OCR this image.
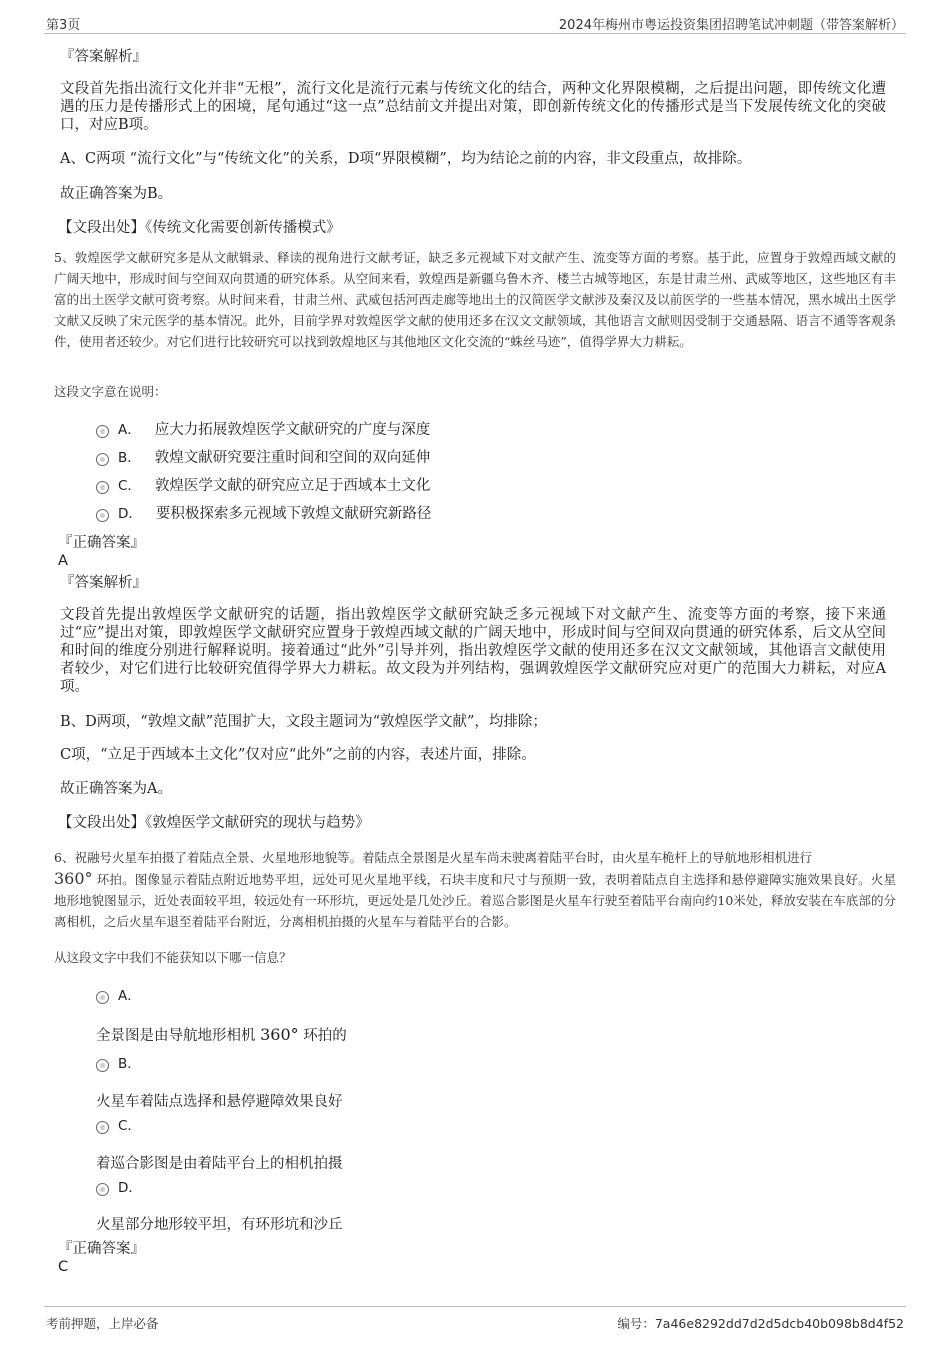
第3页	2024年梅州市粤运投资集团招聘笔试冲刺题（带答案解析）
『答案解析』
文段首先指出流行文化并非“无根”，流行文化是流行元素与传统文化的结合，两种文化界限模糊，之后提出问题，即传统文化遭遇的压力是传播形式上的困境，尾句通过“这一点”总结前文并提出对策，即创新传统文化的传播形式是当下发展传统文化的突破口，对应B项。
A、C两项 “流行文化”与“传统文化”的关系，D项“界限模糊”，均为结论之前的内容，非文段重点，故排除。
故正确答案为B。
【文段出处】《传统文化需要创新传播模式》
5、敦煌医学文献研究多是从文献辑录、释读的视角进行文献考证，缺乏多元视域下对文献产生、流变等方面的考察。基于此，应置身于敦煌西域文献的广阔天地中，形成时间与空间双向贯通的研究体系。从空间来看，敦煌西是新疆乌鲁木齐、楼兰古城等地区，东是甘肃兰州、武威等地区，这些地区有丰富的出土医学文献可资考察。从时间来看，甘肃兰州、武威包括河西走廊等地出土的汉简医学文献涉及秦汉及以前医学的一些基本情况，黑水城出土医学文献又反映了宋元医学的基本情况。此外，目前学界对敦煌医学文献的使用还多在汉文文献领域，其他语言文献则因受制于交通悬隔、语言不通等客观条件，使用者还较少。对它们进行比较研究可以找到敦煌地区与其他地区文化交流的“蛛丝马迹”，值得学界大力耕耘。
这段文字意在说明：
A． 应大力拓展敦煌医学文献研究的广度与深度
B． 敦煌文献研究要注重时间和空间的双向延伸
C． 敦煌医学文献的研究应立足于西域本土文化
D． 要积极探索多元视域下敦煌文献研究新路径
『正确答案』
A
『答案解析』
文段首先提出敦煌医学文献研究的话题，指出敦煌医学文献研究缺乏多元视域下对文献产生、流变等方面的考察，接下来通过“应”提出对策，即敦煌医学文献研究应置身于敦煌西域文献的广阔天地中，形成时间与空间双向贯通的研究体系，后文从空间和时间的维度分别进行解释说明。接着通过“此外”引导并列，指出敦煌医学文献的使用还多在汉文文献领域，其他语言文献使用者较少，对它们进行比较研究值得学界大力耕耘。故文段为并列结构，强调敦煌医学文献研究应对更广的范围大力耕耘，对应A项。
B、D两项，“敦煌文献”范围扩大，文段主题词为“敦煌医学文献”，均排除；
C项，“立足于西域本土文化”仅对应“此外”之前的内容，表述片面，排除。
故正确答案为A。
【文段出处】《敦煌医学文献研究的现状与趋势》
6、祝融号火星车拍摄了着陆点全景、火星地形地貌等。着陆点全景图是火星车尚未驶离着陆平台时，由火星车桅杆上的导航地形相机进行
360° 环拍。图像显示着陆点附近地势平坦，远处可见火星地平线，石块丰度和尺寸与预期一致，表明着陆点自主选择和悬停避障实施效果良好。火星地形地貌图显示，近处表面较平坦，较远处有一环形坑，更远处是几处沙丘。着巡合影图是火星车行驶至着陆平台南向约10米处，释放安装在车底部的分离相机，之后火星车退至着陆平台附近，分离相机拍摄的火星车与着陆平台的合影。
从这段文字中我们不能获知以下哪一信息？
A．
全景图是由导航地形相机 360° 环拍的
B．
火星车着陆点选择和悬停避障效果良好
C．
着巡合影图是由着陆平台上的相机拍摄
D．
火星部分地形较平坦，有环形坑和沙丘
『正确答案』
C
考前押题，上岸必备	编号：7a46e8292dd7d2d5dcb40b098b8d4f52
